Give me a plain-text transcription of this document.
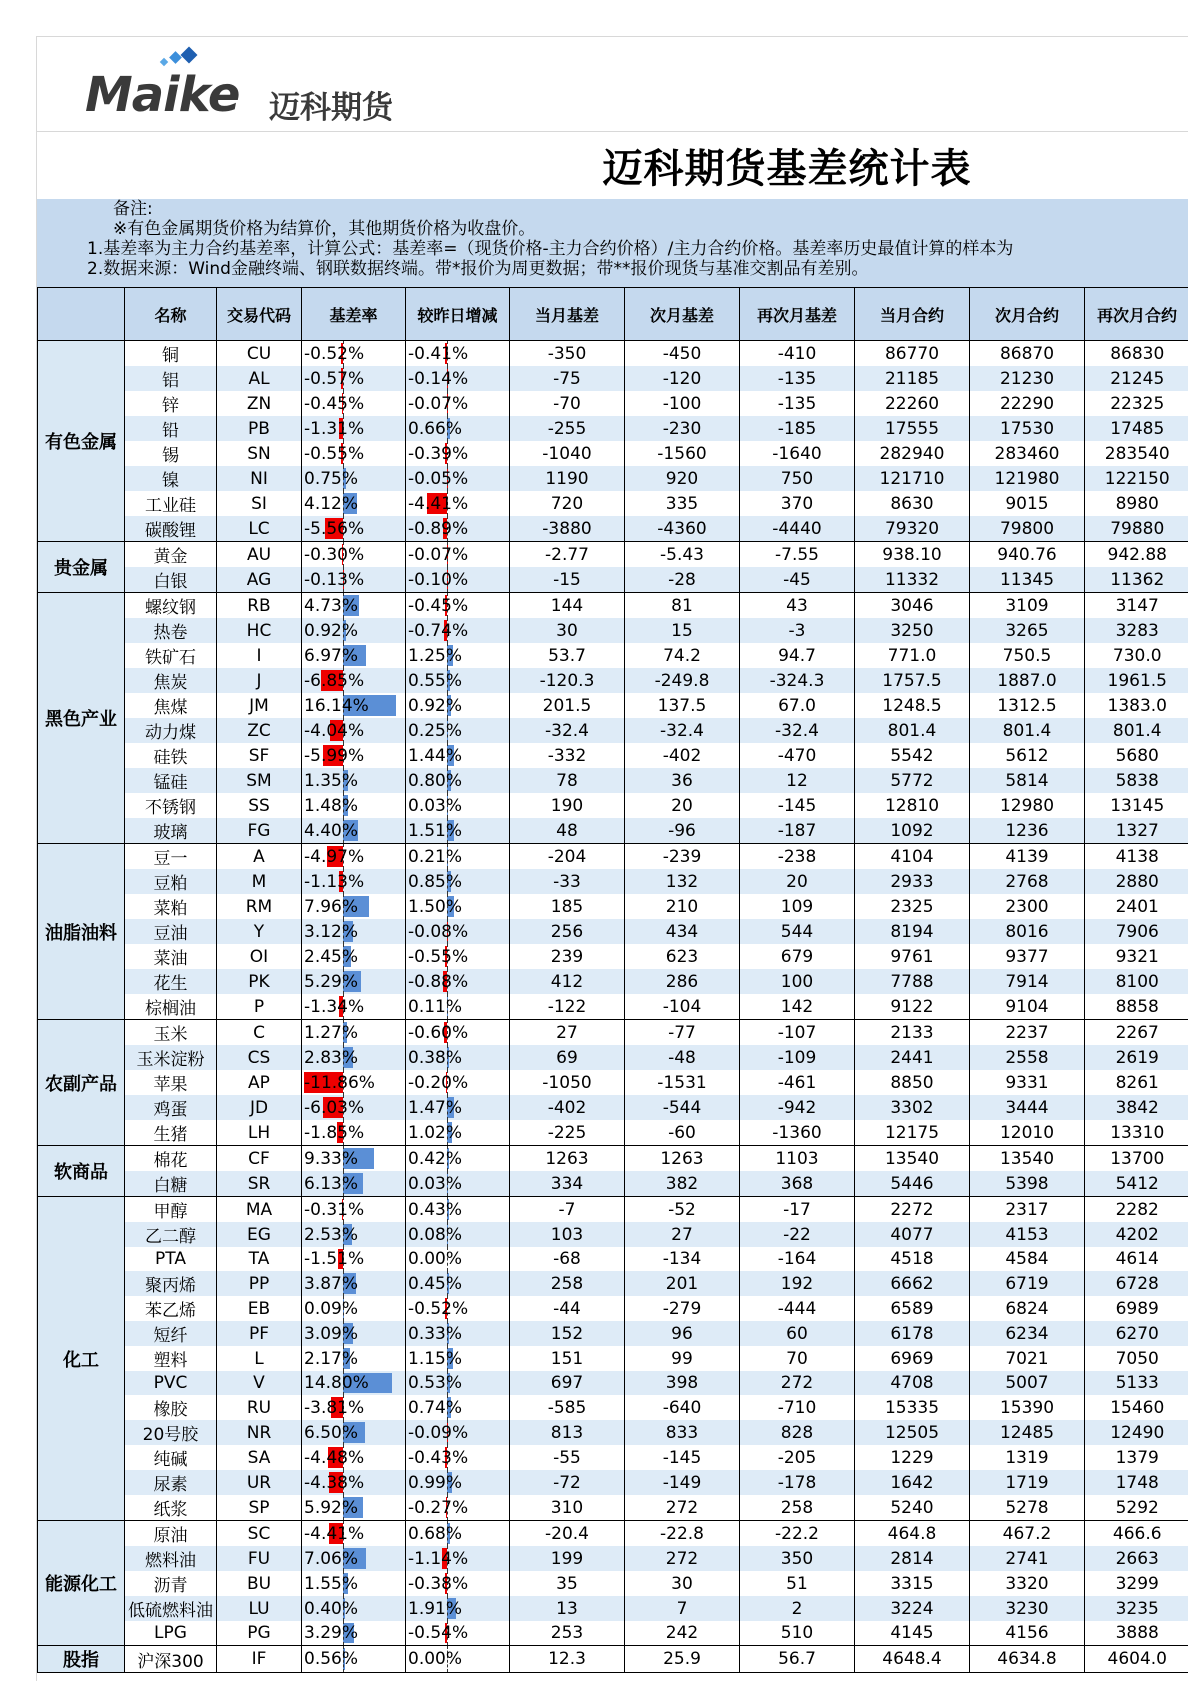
Maike 迈科期货
迈科期货基差统计表
备注:
※有色金属期货价格为结算价，其他期货价格为收盘价。
1.基差率为主力合约基差率，计算公式：基差率=（现货价格-主力合约价格）/主力合约价格。基差率历史最值计算的样本为
2.数据来源：Wind金融终端、钢联数据终端。带*报价为周更数据；带**报价现货与基准交割品有差别。
	名称	交易代码	基差率	较昨日增减	当月基差	次月基差	再次月基差	当月合约	次月合约	再次月合约
有色金属	铜	CU	-0.52%	-0.41%	-350	-450	-410	86770	86870	86830
	铝	AL	-0.57%	-0.14%	-75	-120	-135	21185	21230	21245
	锌	ZN	-0.45%	-0.07%	-70	-100	-135	22260	22290	22325
	铅	PB	-1.31%	0.66%	-255	-230	-185	17555	17530	17485
	锡	SN	-0.55%	-0.39%	-1040	-1560	-1640	282940	283460	283540
	镍	NI	0.75%	-0.05%	1190	920	750	121710	121980	122150
	工业硅	SI	4.12%	-4.41%	720	335	370	8630	9015	8980
	碳酸锂	LC	-5.56%	-0.89%	-3880	-4360	-4440	79320	79800	79880
贵金属	黄金	AU	-0.30%	-0.07%	-2.77	-5.43	-7.55	938.10	940.76	942.88
	白银	AG	-0.13%	-0.10%	-15	-28	-45	11332	11345	11362
黑色产业	螺纹钢	RB	4.73%	-0.45%	144	81	43	3046	3109	3147
	热卷	HC	0.92%	-0.74%	30	15	-3	3250	3265	3283
	铁矿石	I	6.97%	1.25%	53.7	74.2	94.7	771.0	750.5	730.0
	焦炭	J	-6.85%	0.55%	-120.3	-249.8	-324.3	1757.5	1887.0	1961.5
	焦煤	JM	16.14%	0.92%	201.5	137.5	67.0	1248.5	1312.5	1383.0
	动力煤	ZC	-4.04%	0.25%	-32.4	-32.4	-32.4	801.4	801.4	801.4
	硅铁	SF	-5.99%	1.44%	-332	-402	-470	5542	5612	5680
	锰硅	SM	1.35%	0.80%	78	36	12	5772	5814	5838
	不锈钢	SS	1.48%	0.03%	190	20	-145	12810	12980	13145
	玻璃	FG	4.40%	1.51%	48	-96	-187	1092	1236	1327
油脂油料	豆一	A	-4.97%	0.21%	-204	-239	-238	4104	4139	4138
	豆粕	M	-1.13%	0.85%	-33	132	20	2933	2768	2880
	菜粕	RM	7.96%	1.50%	185	210	109	2325	2300	2401
	豆油	Y	3.12%	-0.08%	256	434	544	8194	8016	7906
	菜油	OI	2.45%	-0.55%	239	623	679	9761	9377	9321
	花生	PK	5.29%	-0.88%	412	286	100	7788	7914	8100
	棕榈油	P	-1.34%	0.11%	-122	-104	142	9122	9104	8858
农副产品	玉米	C	1.27%	-0.60%	27	-77	-107	2133	2237	2267
	玉米淀粉	CS	2.83%	0.38%	69	-48	-109	2441	2558	2619
	苹果	AP	-11.86%	-0.20%	-1050	-1531	-461	8850	9331	8261
	鸡蛋	JD	-6.03%	1.47%	-402	-544	-942	3302	3444	3842
	生猪	LH	-1.85%	1.02%	-225	-60	-1360	12175	12010	13310
软商品	棉花	CF	9.33%	0.42%	1263	1263	1103	13540	13540	13700
	白糖	SR	6.13%	0.03%	334	382	368	5446	5398	5412
化工	甲醇	MA	-0.31%	0.43%	-7	-52	-17	2272	2317	2282
	乙二醇	EG	2.53%	0.08%	103	27	-22	4077	4153	4202
	PTA	TA	-1.51%	0.00%	-68	-134	-164	4518	4584	4614
	聚丙烯	PP	3.87%	0.45%	258	201	192	6662	6719	6728
	苯乙烯	EB	0.09%	-0.52%	-44	-279	-444	6589	6824	6989
	短纤	PF	3.09%	0.33%	152	96	60	6178	6234	6270
	塑料	L	2.17%	1.15%	151	99	70	6969	7021	7050
	PVC	V	14.80%	0.53%	697	398	272	4708	5007	5133
	橡胶	RU	-3.81%	0.74%	-585	-640	-710	15335	15390	15460
	20号胶	NR	6.50%	-0.09%	813	833	828	12505	12485	12490
	纯碱	SA	-4.48%	-0.43%	-55	-145	-205	1229	1319	1379
	尿素	UR	-4.38%	0.99%	-72	-149	-178	1642	1719	1748
	纸浆	SP	5.92%	-0.27%	310	272	258	5240	5278	5292
能源化工	原油	SC	-4.41%	0.68%	-20.4	-22.8	-22.2	464.8	467.2	466.6
	燃料油	FU	7.06%	-1.14%	199	272	350	2814	2741	2663
	沥青	BU	1.55%	-0.38%	35	30	51	3315	3320	3299
	低硫燃料油	LU	0.40%	1.91%	13	7	2	3224	3230	3235
	LPG	PG	3.29%	-0.54%	253	242	510	4145	4156	3888
股指	沪深300	IF	0.56%	0.00%	12.3	25.9	56.7	4648.4	4634.8	4604.0
